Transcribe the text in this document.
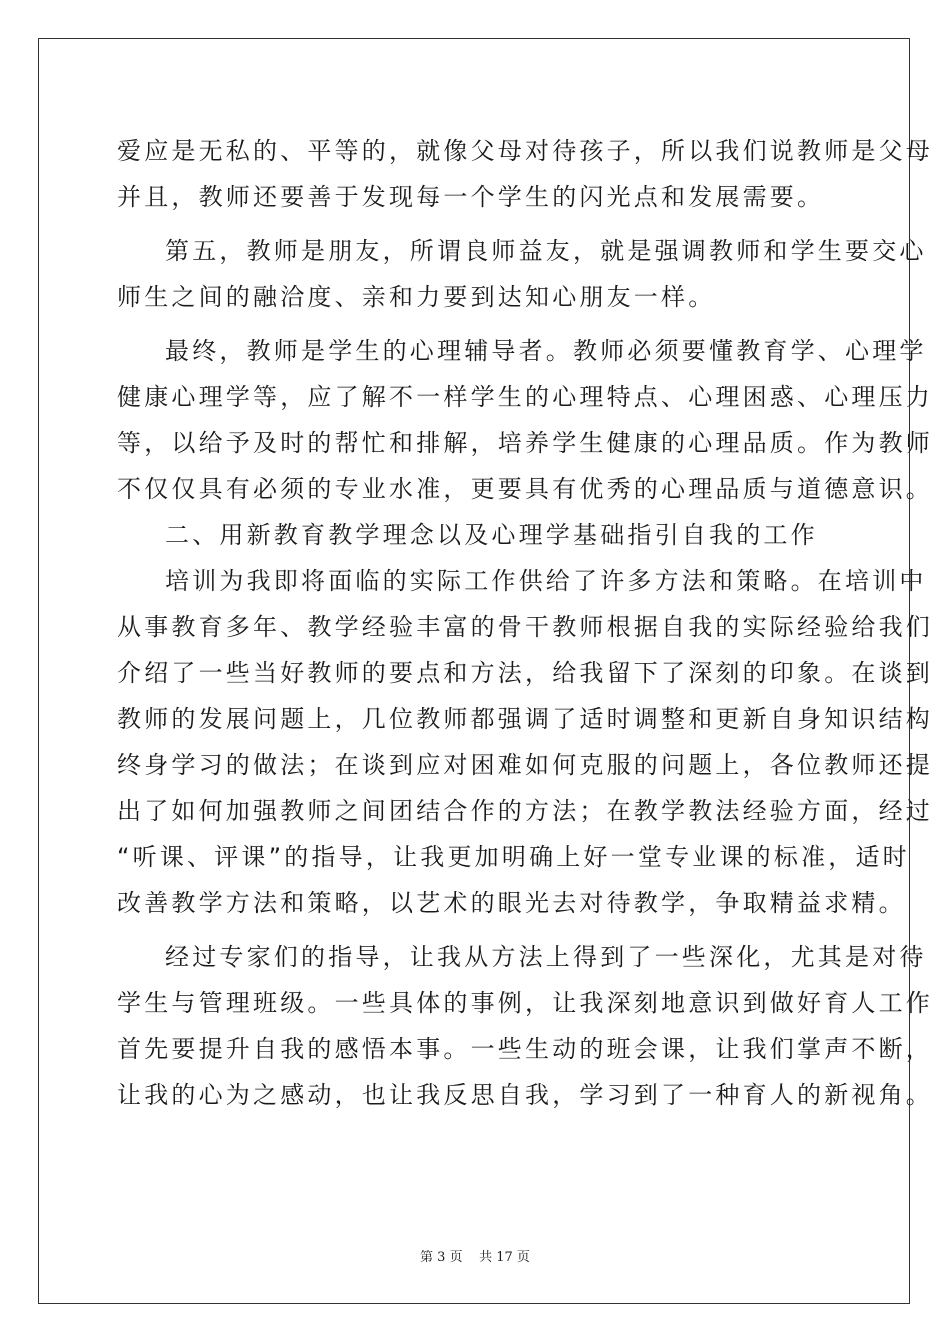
爱应是无私的、平等的，就像父母对待孩子，所以我们说教师是父母
并且，教师还要善于发现每一个学生的闪光点和发展需要。
第五，教师是朋友，所谓良师益友，就是强调教师和学生要交心
师生之间的融洽度、亲和力要到达知心朋友一样。
最终，教师是学生的心理辅导者。教师必须要懂教育学、心理学
健康心理学等，应了解不一样学生的心理特点、心理困惑、心理压力
等，以给予及时的帮忙和排解，培养学生健康的心理品质。作为教师
不仅仅具有必须的专业水准，更要具有优秀的心理品质与道德意识。
二、用新教育教学理念以及心理学基础指引自我的工作
培训为我即将面临的实际工作供给了许多方法和策略。在培训中
从事教育多年、教学经验丰富的骨干教师根据自我的实际经验给我们
介绍了一些当好教师的要点和方法，给我留下了深刻的印象。在谈到
教师的发展问题上，几位教师都强调了适时调整和更新自身知识结构
终身学习的做法；在谈到应对困难如何克服的问题上，各位教师还提
出了如何加强教师之间团结合作的方法；在教学教法经验方面，经过
“听课、评课”的指导，让我更加明确上好一堂专业课的标准，适时
改善教学方法和策略，以艺术的眼光去对待教学，争取精益求精。
经过专家们的指导，让我从方法上得到了一些深化，尤其是对待
学生与管理班级。一些具体的事例，让我深刻地意识到做好育人工作
首先要提升自我的感悟本事。一些生动的班会课，让我们掌声不断，
让我的心为之感动，也让我反思自我，学习到了一种育人的新视角。
第 3 页 共 17 页
